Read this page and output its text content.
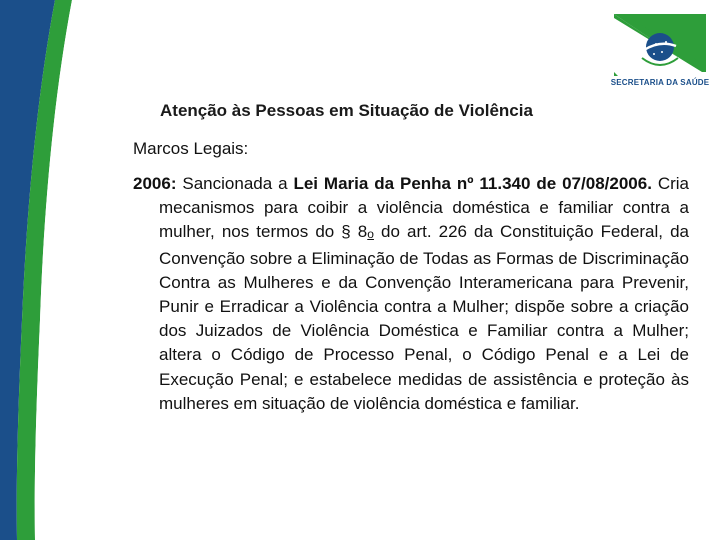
SECRETARIA DA SAÚDE
Atenção às Pessoas em Situação de Violência
Marcos Legais:
2006: Sancionada a Lei Maria da Penha nº 11.340 de 07/08/2006. Cria mecanismos para coibir a violência doméstica e familiar contra a mulher, nos termos do § 8o do art. 226 da Constituição Federal, da Convenção sobre a Eliminação de Todas as Formas de Discriminação Contra as Mulheres e da Convenção Interamericana para Prevenir, Punir e Erradicar a Violência contra a Mulher; dispõe sobre a criação dos Juizados de Violência Doméstica e Familiar contra a Mulher; altera o Código de Processo Penal, o Código Penal e a Lei de Execução Penal; e estabelece medidas de assistência e proteção às mulheres em situação de violência doméstica e familiar.
